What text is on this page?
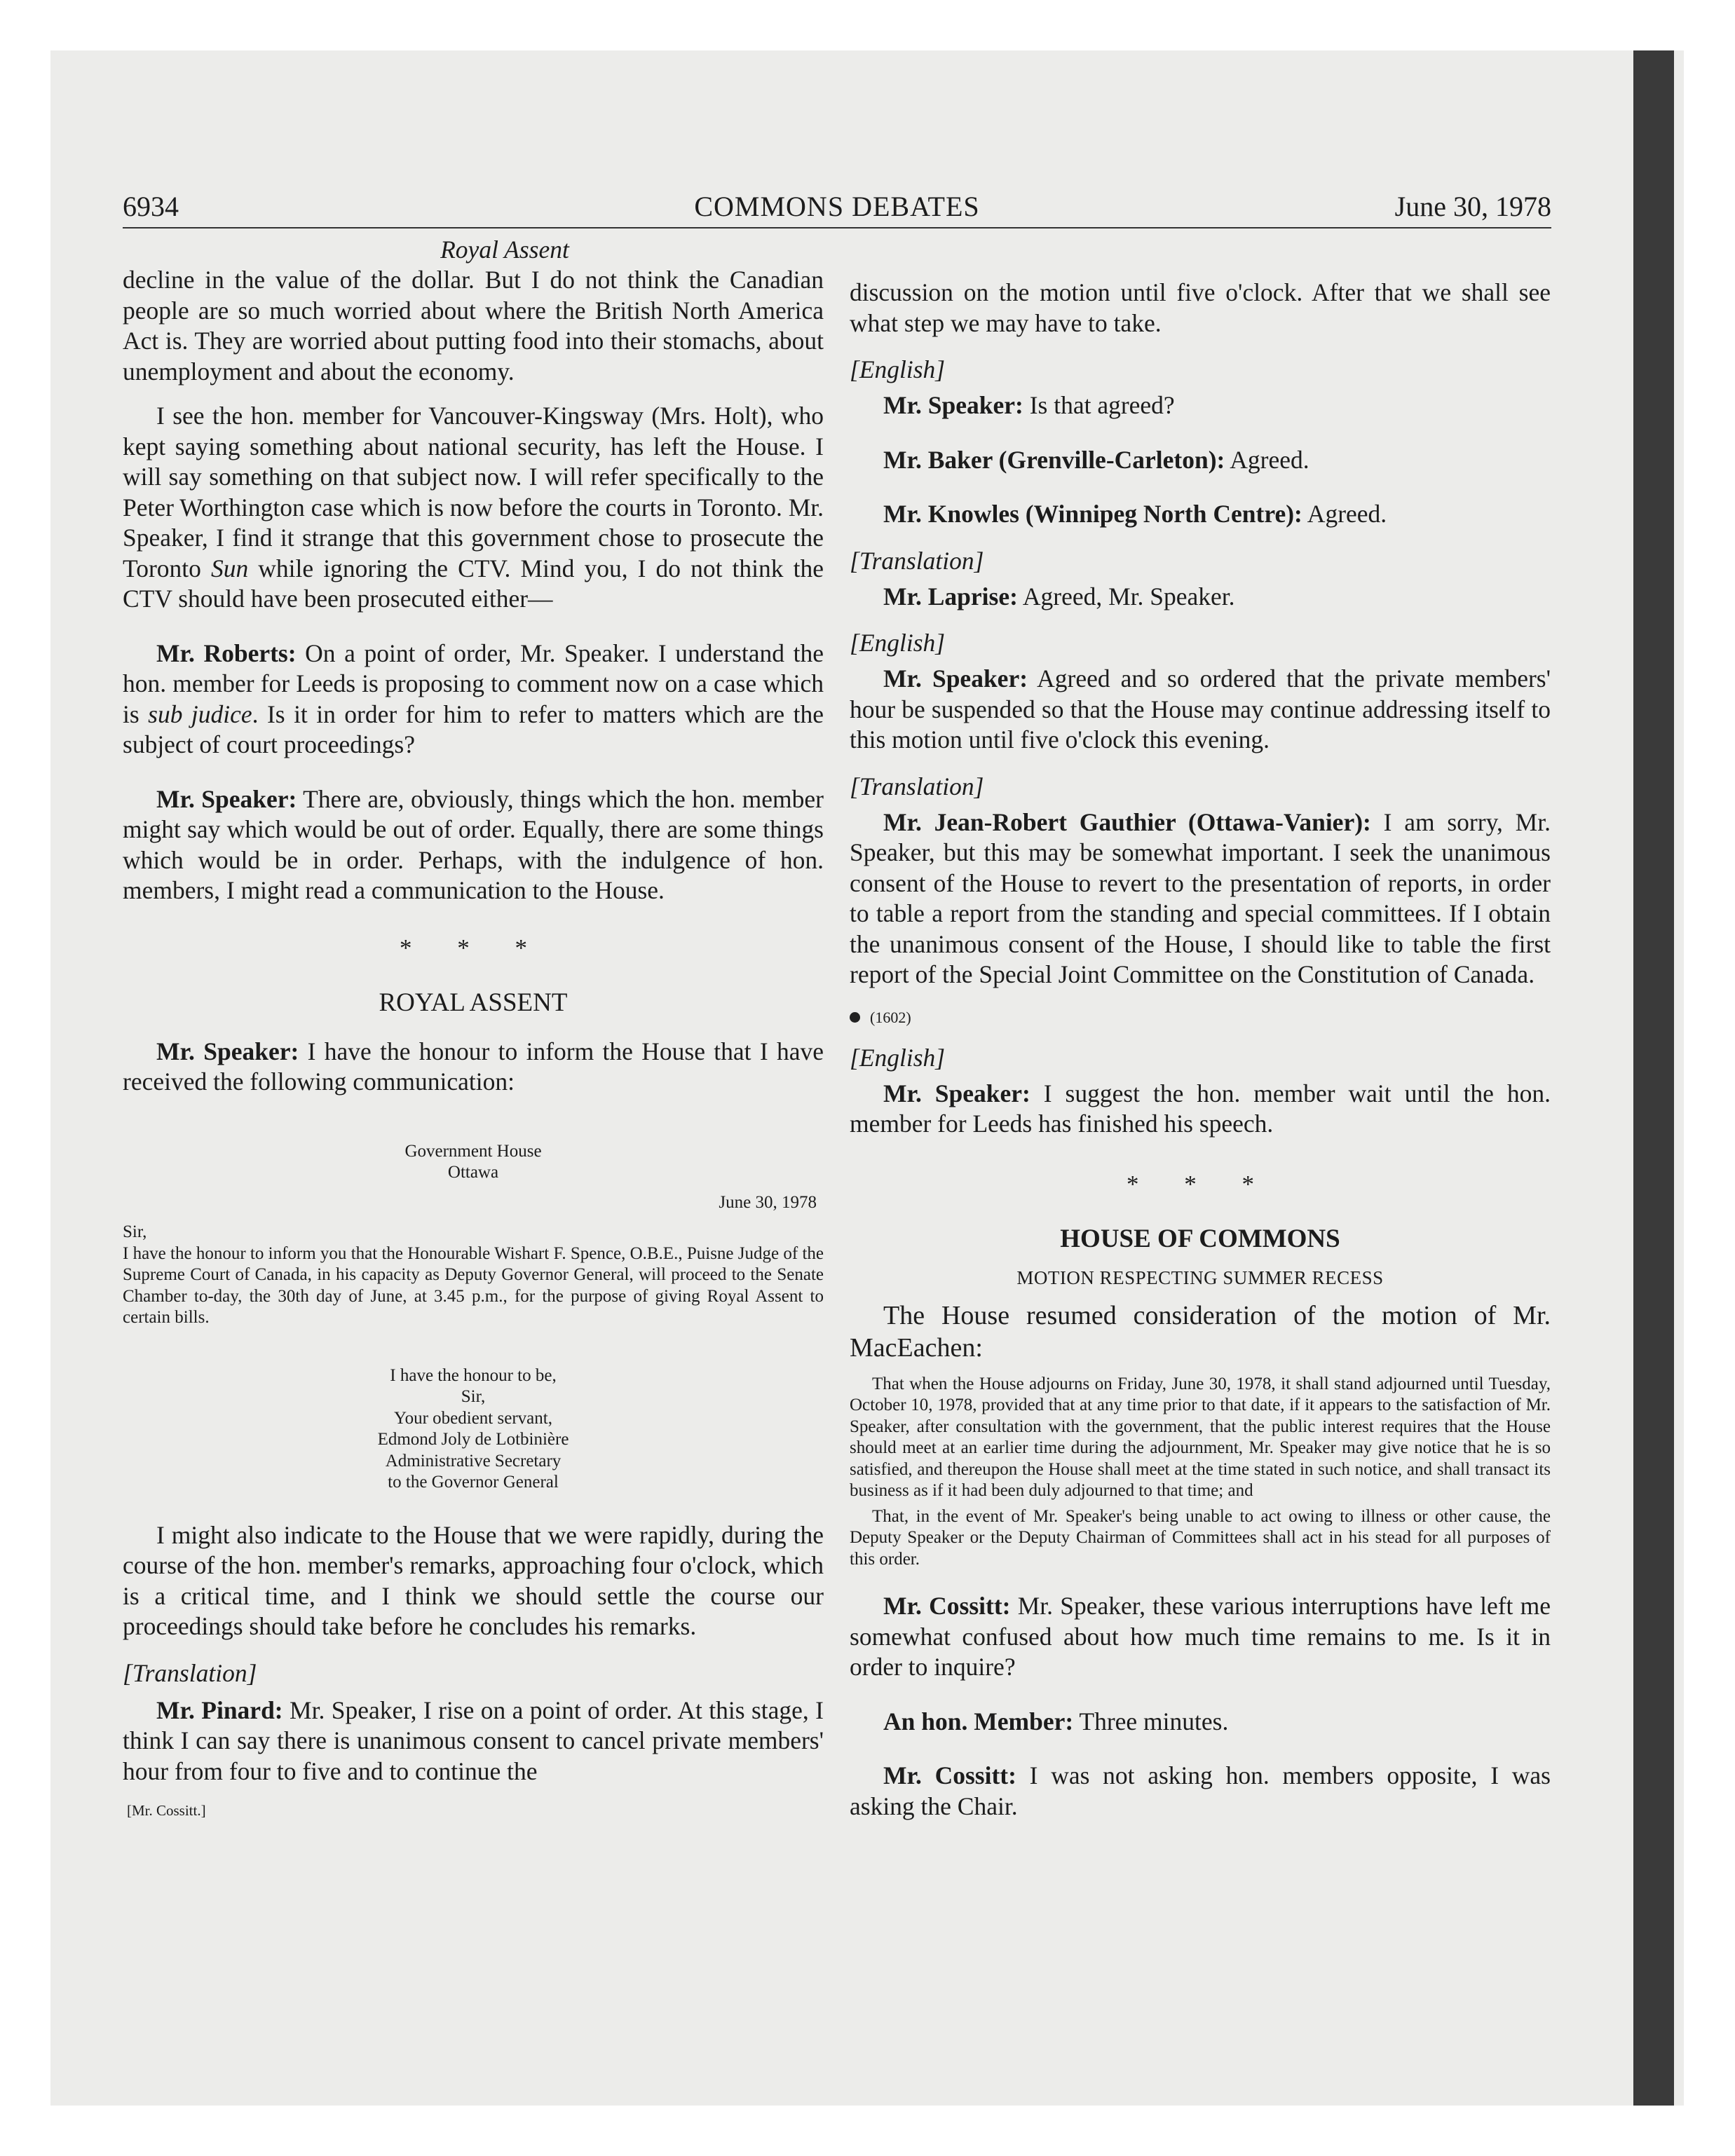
6934	COMMONS DEBATES	June 30, 1978

Royal Assent

decline in the value of the dollar. But I do not think the Canadian people are so much worried about where the British North America Act is. They are worried about putting food into their stomachs, about unemployment and about the economy.

I see the hon. member for Vancouver-Kingsway (Mrs. Holt), who kept saying something about national security, has left the House. I will say something on that subject now. I will refer specifically to the Peter Worthington case which is now before the courts in Toronto. Mr. Speaker, I find it strange that this government chose to prosecute the Toronto Sun while ignoring the CTV. Mind you, I do not think the CTV should have been prosecuted either—

Mr. Roberts: On a point of order, Mr. Speaker. I understand the hon. member for Leeds is proposing to comment now on a case which is sub judice. Is it in order for him to refer to matters which are the subject of court proceedings?

Mr. Speaker: There are, obviously, things which the hon. member might say which would be out of order. Equally, there are some things which would be in order. Perhaps, with the indulgence of hon. members, I might read a communication to the House.

* * *

ROYAL ASSENT

Mr. Speaker: I have the honour to inform the House that I have received the following communication:

Government House

Ottawa

June 30, 1978

Sir,

I have the honour to inform you that the Honourable Wishart F. Spence, O.B.E., Puisne Judge of the Supreme Court of Canada, in his capacity as Deputy Governor General, will proceed to the Senate Chamber to-day, the 30th day of June, at 3.45 p.m., for the purpose of giving Royal Assent to certain bills.

I have the honour to be,

Sir,

Your obedient servant,

Edmond Joly de Lotbinière

Administrative Secretary

to the Governor General

I might also indicate to the House that we were rapidly, during the course of the hon. member's remarks, approaching four o'clock, which is a critical time, and I think we should settle the course our proceedings should take before he concludes his remarks.

[Translation]

Mr. Pinard: Mr. Speaker, I rise on a point of order. At this stage, I think I can say there is unanimous consent to cancel private members' hour from four to five and to continue the

[Mr. Cossitt.]

discussion on the motion until five o'clock. After that we shall see what step we may have to take.

[English]

Mr. Speaker: Is that agreed?

Mr. Baker (Grenville-Carleton): Agreed.

Mr. Knowles (Winnipeg North Centre): Agreed.

[Translation]

Mr. Laprise: Agreed, Mr. Speaker.

[English]

Mr. Speaker: Agreed and so ordered that the private members' hour be suspended so that the House may continue addressing itself to this motion until five o'clock this evening.

[Translation]

Mr. Jean-Robert Gauthier (Ottawa-Vanier): I am sorry, Mr. Speaker, but this may be somewhat important. I seek the unanimous consent of the House to revert to the presentation of reports, in order to table a report from the standing and special committees. If I obtain the unanimous consent of the House, I should like to table the first report of the Special Joint Committee on the Constitution of Canada.

(1602)

[English]

Mr. Speaker: I suggest the hon. member wait until the hon. member for Leeds has finished his speech.

* * *

HOUSE OF COMMONS

MOTION RESPECTING SUMMER RECESS

The House resumed consideration of the motion of Mr. MacEachen:

That when the House adjourns on Friday, June 30, 1978, it shall stand adjourned until Tuesday, October 10, 1978, provided that at any time prior to that date, if it appears to the satisfaction of Mr. Speaker, after consultation with the government, that the public interest requires that the House should meet at an earlier time during the adjournment, Mr. Speaker may give notice that he is so satisfied, and thereupon the House shall meet at the time stated in such notice, and shall transact its business as if it had been duly adjourned to that time; and

That, in the event of Mr. Speaker's being unable to act owing to illness or other cause, the Deputy Speaker or the Deputy Chairman of Committees shall act in his stead for all purposes of this order.

Mr. Cossitt: Mr. Speaker, these various interruptions have left me somewhat confused about how much time remains to me. Is it in order to inquire?

An hon. Member: Three minutes.

Mr. Cossitt: I was not asking hon. members opposite, I was asking the Chair.
